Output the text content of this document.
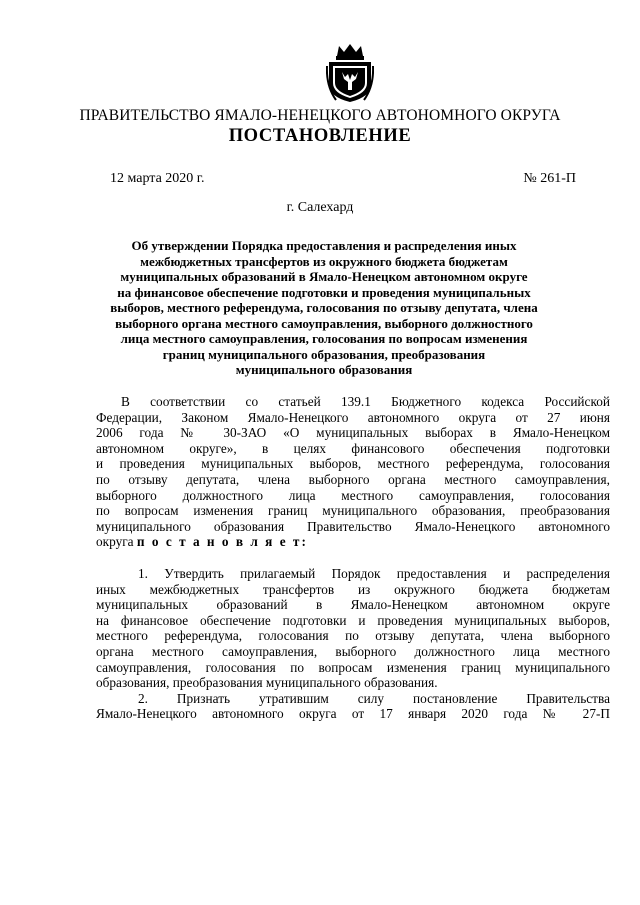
ПРАВИТЕЛЬСТВО ЯМАЛО-НЕНЕЦКОГО АВТОНОМНОГО ОКРУГА
ПОСТАНОВЛЕНИЕ
12 марта 2020 г.	№ 261-П
г. Салехард
Об утверждении Порядка предоставления и распределения иных
межбюджетных трансфертов из окружного бюджета бюджетам
муниципальных образований в Ямало-Ненецком автономном округе
на финансовое обеспечение подготовки и проведения муниципальных
выборов, местного референдума, голосования по отзыву депутата, члена
выборного органа местного самоуправления, выборного должностного
лица местного самоуправления, голосования по вопросам изменения
границ муниципального образования, преобразования
муниципального образования
В соответствии со статьей 139.1 Бюджетного кодекса Российской
Федерации, Законом Ямало-Ненецкого автономного округа от 27 июня
2006 года № 30-ЗАО «О муниципальных выборах в Ямало-Ненецком
автономном округе», в целях финансового обеспечения подготовки
и проведения муниципальных выборов, местного референдума, голосования
по отзыву депутата, члена выборного органа местного самоуправления,
выборного должностного лица местного самоуправления, голосования
по вопросам изменения границ муниципального образования, преобразования
муниципального образования Правительство Ямало-Ненецкого автономного
округа п о с т а н о в л я е т:
1. Утвердить прилагаемый Порядок предоставления и распределения
иных межбюджетных трансфертов из окружного бюджета бюджетам
муниципальных образований в Ямало-Ненецком автономном округе
на финансовое обеспечение подготовки и проведения муниципальных выборов,
местного референдума, голосования по отзыву депутата, члена выборного
органа местного самоуправления, выборного должностного лица местного
самоуправления, голосования по вопросам изменения границ муниципального
образования, преобразования муниципального образования.
2. Признать утратившим силу постановление Правительства
Ямало-Ненецкого автономного округа от 17 января 2020 года № 27-П
